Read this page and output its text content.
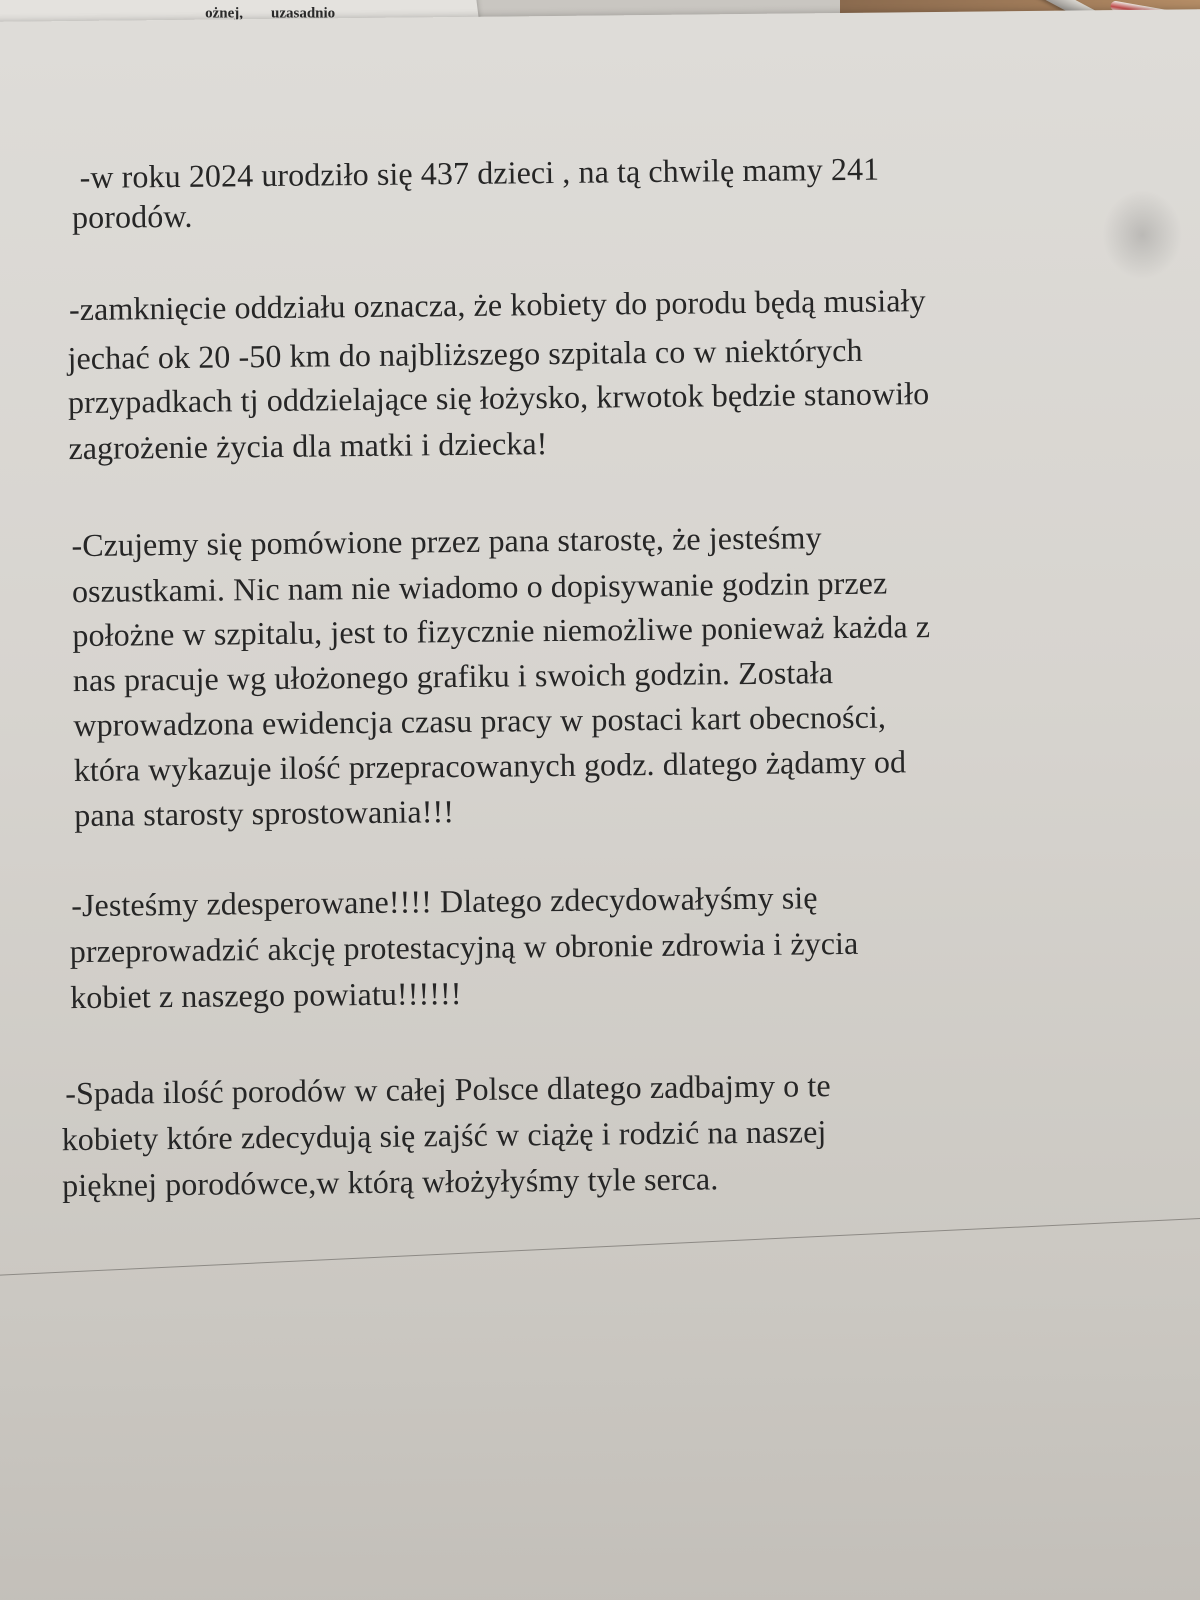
ożnej, uzasadnio
-w roku 2024 urodziło się 437 dzieci , na tą chwilę mamy 241
porodów.
-zamknięcie oddziału oznacza, że kobiety do porodu będą musiały
jechać ok 20 -50 km do najbliższego szpitala co w niektórych
przypadkach tj oddzielające się łożysko, krwotok będzie stanowiło
zagrożenie życia dla matki i dziecka!
-Czujemy się pomówione przez pana starostę, że jesteśmy
oszustkami. Nic nam nie wiadomo o dopisywanie godzin przez
położne w szpitalu, jest to fizycznie niemożliwe ponieważ każda z
nas pracuje wg ułożonego grafiku i swoich godzin. Została
wprowadzona ewidencja czasu pracy w postaci kart obecności,
która wykazuje ilość przepracowanych godz. dlatego żądamy od
pana starosty sprostowania!!!
-Jesteśmy zdesperowane!!!! Dlatego zdecydowałyśmy się
przeprowadzić akcję protestacyjną w obronie zdrowia i życia
kobiet z naszego powiatu!!!!!!
-Spada ilość porodów w całej Polsce dlatego zadbajmy o te
kobiety które zdecydują się zajść w ciążę i rodzić na naszej
pięknej porodówce,w którą włożyłyśmy tyle serca.
